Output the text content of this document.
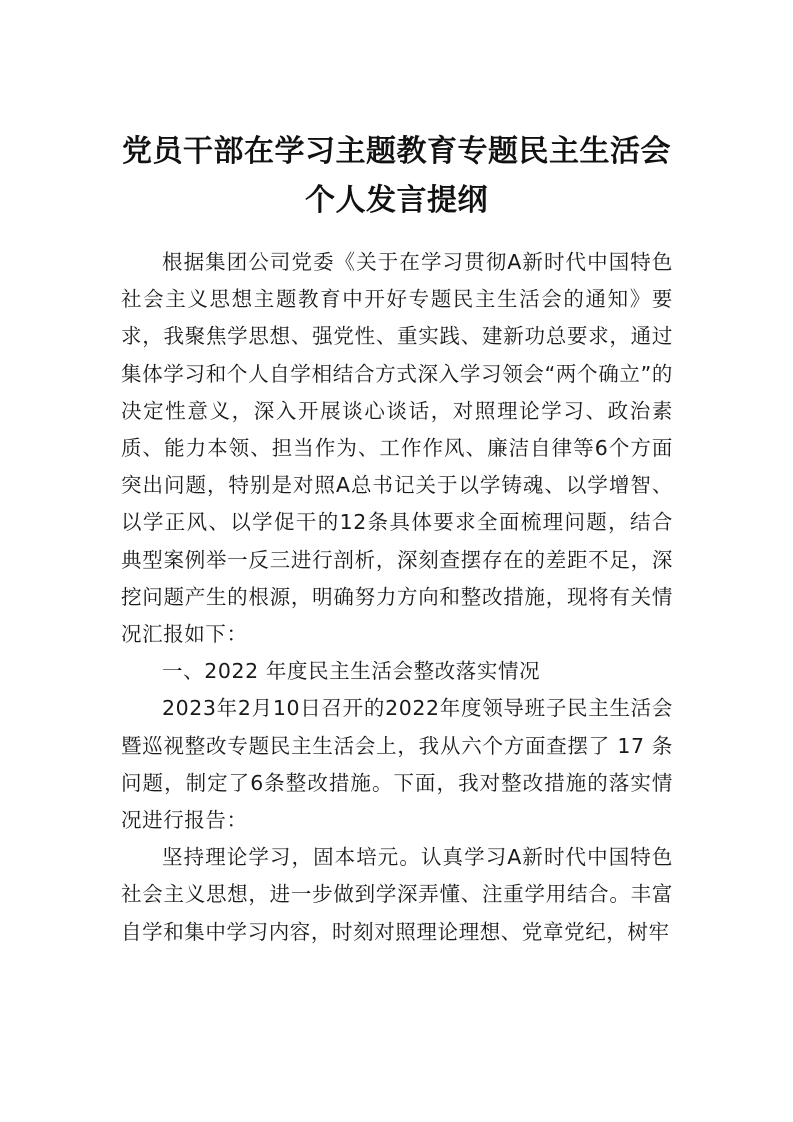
党员干部在学习主题教育专题民主生活会
个人发言提纲

根据集团公司党委《关于在学习贯彻A新时代中国特色社会主义思想主题教育中开好专题民主生活会的通知》要求，我聚焦学思想、强党性、重实践、建新功总要求，通过集体学习和个人自学相结合方式深入学习领会“两个确立”的决定性意义，深入开展谈心谈话，对照理论学习、政治素质、能力本领、担当作为、工作作风、廉洁自律等6个方面突出问题，特别是对照A总书记关于以学铸魂、以学增智、以学正风、以学促干的12条具体要求全面梳理问题，结合典型案例举一反三进行剖析，深刻查摆存在的差距不足，深挖问题产生的根源，明确努力方向和整改措施，现将有关情况汇报如下：

一、2022 年度民主生活会整改落实情况

2023年2月10日召开的2022年度领导班子民主生活会暨巡视整改专题民主生活会上，我从六个方面查摆了 17 条问题，制定了6条整改措施。下面，我对整改措施的落实情况进行报告：

坚持理论学习，固本培元。认真学习A新时代中国特色社会主义思想，进一步做到学深弄懂、注重学用结合。丰富自学和集中学习内容，时刻对照理论理想、党章党纪，树牢
